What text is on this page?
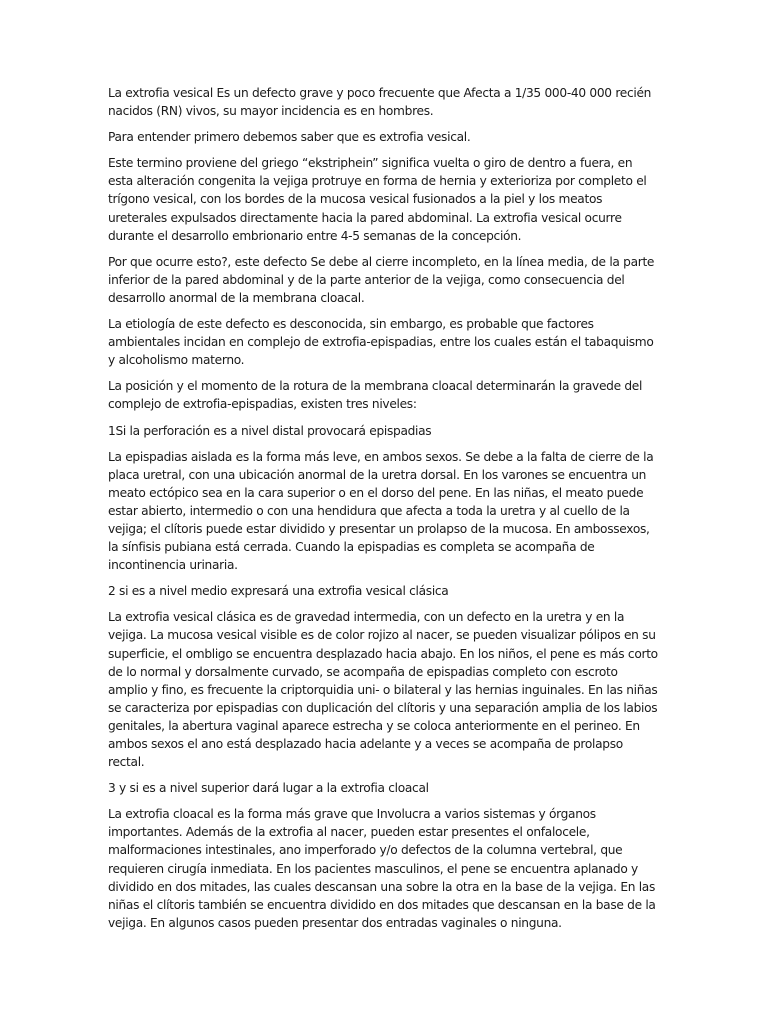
La extrofia vesical Es un defecto grave y poco frecuente que Afecta a 1/35 000-40 000 recién nacidos (RN) vivos, su mayor incidencia es en hombres.

Para entender primero debemos saber que es extrofia vesical.

Este termino proviene del griego “ekstriphein” significa vuelta o giro de dentro a fuera, en esta alteración congenita la vejiga protruye en forma de hernia y exterioriza por completo el trígono vesical, con los bordes de la mucosa vesical fusionados a la piel y los meatos ureterales expulsados directamente hacia la pared abdominal. La extrofia vesical ocurre durante el desarrollo embrionario entre 4-5 semanas de la concepción.

Por que ocurre esto?, este defecto Se debe al cierre incompleto, en la línea media, de la parte inferior de la pared abdominal y de la parte anterior de la vejiga, como consecuencia del desarrollo anormal de la membrana cloacal.

La etiología de este defecto es desconocida, sin embargo, es probable que factores ambientales incidan en complejo de extrofia-epispadias, entre los cuales están el tabaquismo y alcoholismo materno.

La posición y el momento de la rotura de la membrana cloacal determinarán la gravede del complejo de extrofia-epispadias, existen tres niveles:

1Si la perforación es a nivel distal provocará epispadias

La epispadias aislada es la forma más leve, en ambos sexos. Se debe a la falta de cierre de la placa uretral, con una ubicación anormal de la uretra dorsal. En los varones se encuentra un meato ectópico sea en la cara superior o en el dorso del pene. En las niñas, el meato puede estar abierto, intermedio o con una hendidura que afecta a toda la uretra y al cuello de la vejiga; el clítoris puede estar dividido y presentar un prolapso de la mucosa. En ambossexos, la sínfisis pubiana está cerrada. Cuando la epispadias es completa se acompaña de incontinencia urinaria.

2 si es a nivel medio expresará una extrofia vesical clásica

La extrofia vesical clásica es de gravedad intermedia, con un defecto en la uretra y en la vejiga. La mucosa vesical visible es de color rojizo al nacer, se pueden visualizar pólipos en su superficie, el ombligo se encuentra desplazado hacia abajo. En los niños, el pene es más corto de lo normal y dorsalmente curvado, se acompaña de epispadias completo con escroto amplio y fino, es frecuente la criptorquidia uni- o bilateral y las hernias inguinales. En las niñas se caracteriza por epispadias con duplicación del clítoris y una separación amplia de los labios genitales, la abertura vaginal aparece estrecha y se coloca anteriormente en el perineo. En ambos sexos el ano está desplazado hacia adelante y a veces se acompaña de prolapso rectal.

3 y si es a nivel superior dará lugar a la extrofia cloacal

La extrofia cloacal es la forma más grave que Involucra a varios sistemas y órganos importantes. Además de la extrofia al nacer, pueden estar presentes el onfalocele, malformaciones intestinales, ano imperforado y/o defectos de la columna vertebral, que requieren cirugía inmediata. En los pacientes masculinos, el pene se encuentra aplanado y dividido en dos mitades, las cuales descansan una sobre la otra en la base de la vejiga. En las niñas el clítoris también se encuentra dividido en dos mitades que descansan en la base de la vejiga. En algunos casos pueden presentar dos entradas vaginales o ninguna.
